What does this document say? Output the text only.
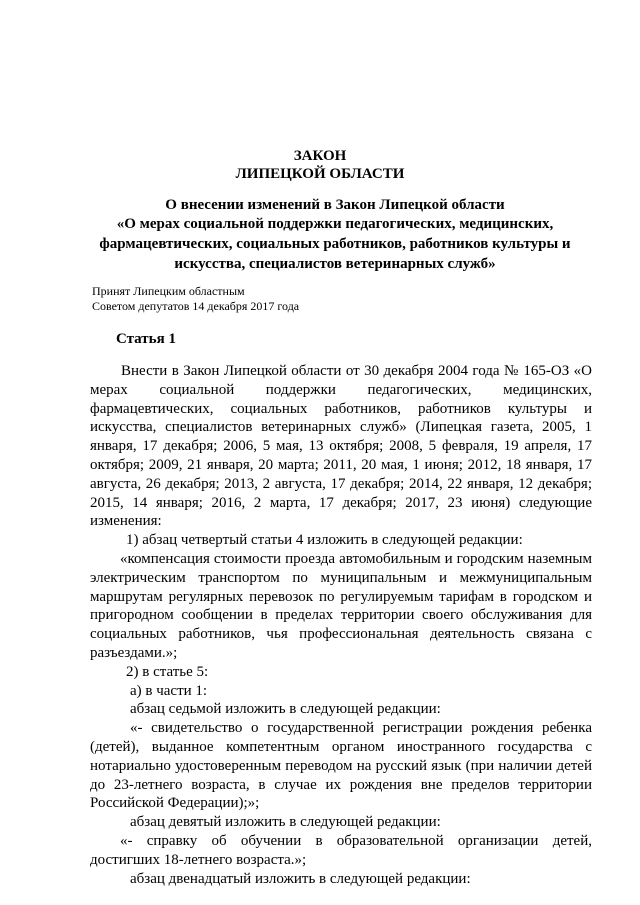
ЗАКОН
ЛИПЕЦКОЙ ОБЛАСТИ
О внесении изменений в Закон Липецкой области
«О мерах социальной поддержки педагогических, медицинских, фармацевтических, социальных работников, работников культуры и искусства, специалистов ветеринарных служб»
Принят Липецким областным
Советом депутатов 14 декабря 2017 года
Статья 1

Внести в Закон Липецкой области от 30 декабря 2004 года № 165-ОЗ «О мерах социальной поддержки педагогических, медицинских, фармацевтических, социальных работников, работников культуры и искусства, специалистов ветеринарных служб» (Липецкая газета, 2005, 1 января, 17 декабря; 2006, 5 мая, 13 октября; 2008, 5 февраля, 19 апреля, 17 октября; 2009, 21 января, 20 марта; 2011, 20 мая, 1 июня; 2012, 18 января, 17 августа, 26 декабря; 2013, 2 августа, 17 декабря; 2014, 22 января, 12 декабря; 2015, 14 января; 2016, 2 марта, 17 декабря; 2017, 23 июня) следующие изменения:

1) абзац четвертый статьи 4 изложить в следующей редакции:

«компенсация стоимости проезда автомобильным и городским наземным электрическим транспортом по муниципальным и межмуниципальным маршрутам регулярных перевозок по регулируемым тарифам в городском и пригородном сообщении в пределах территории своего обслуживания для социальных работников, чья профессиональная деятельность связана с разъездами.»;

2) в статье 5:

а) в части 1:

абзац седьмой изложить в следующей редакции:

«- свидетельство о государственной регистрации рождения ребенка (детей), выданное компетентным органом иностранного государства с нотариально удостоверенным переводом на русский язык (при наличии детей до 23-летнего возраста, в случае их рождения вне пределов территории Российской Федерации);»;

абзац девятый изложить в следующей редакции:

«- справку об обучении в образовательной организации детей, достигших 18-летнего возраста.»;

абзац двенадцатый изложить в следующей редакции:
